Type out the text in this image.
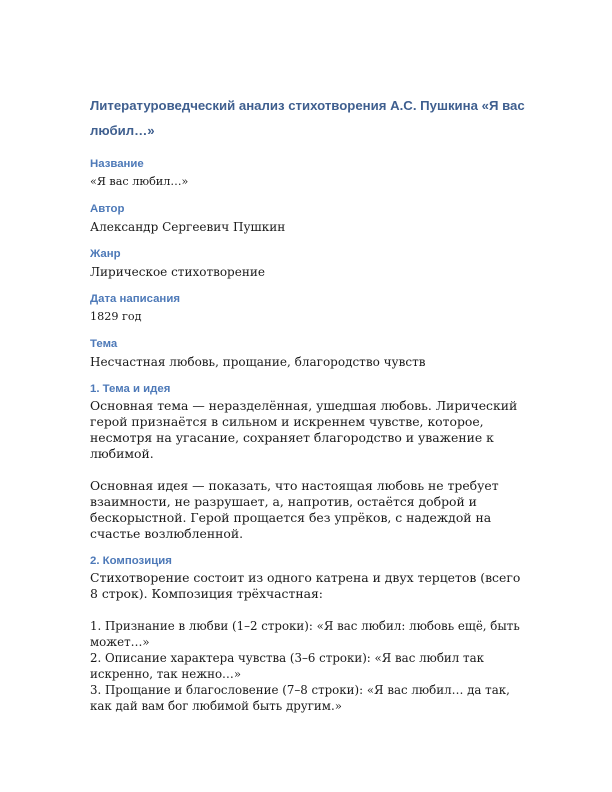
Литературоведческий анализ стихотворения А.С. Пушкина «Я вас любил…»
Название
«Я вас любил…»
Автор
Александр Сергеевич Пушкин
Жанр
Лирическое стихотворение
Дата написания
1829 год
Тема
Несчастная любовь, прощание, благородство чувств
1. Тема и идея

Основная тема — неразделённая, ушедшая любовь. Лирический герой признаётся в сильном и искреннем чувстве, которое, несмотря на угасание, сохраняет благородство и уважение к любимой.

Основная идея — показать, что настоящая любовь не требует взаимности, не разрушает, а, напротив, остаётся доброй и бескорыстной. Герой прощается без упрёков, с надеждой на счастье возлюбленной.

2. Композиция

Стихотворение состоит из одного катрена и двух терцетов (всего 8 строк). Композиция трёхчастная:

1. Признание в любви (1–2 строки): «Я вас любил: любовь ещё, быть может…»
2. Описание характера чувства (3–6 строки): «Я вас любил так искренно, так нежно…»
3. Прощание и благословение (7–8 строки): «Я вас любил… да так, как дай вам бог любимой быть другим.»
